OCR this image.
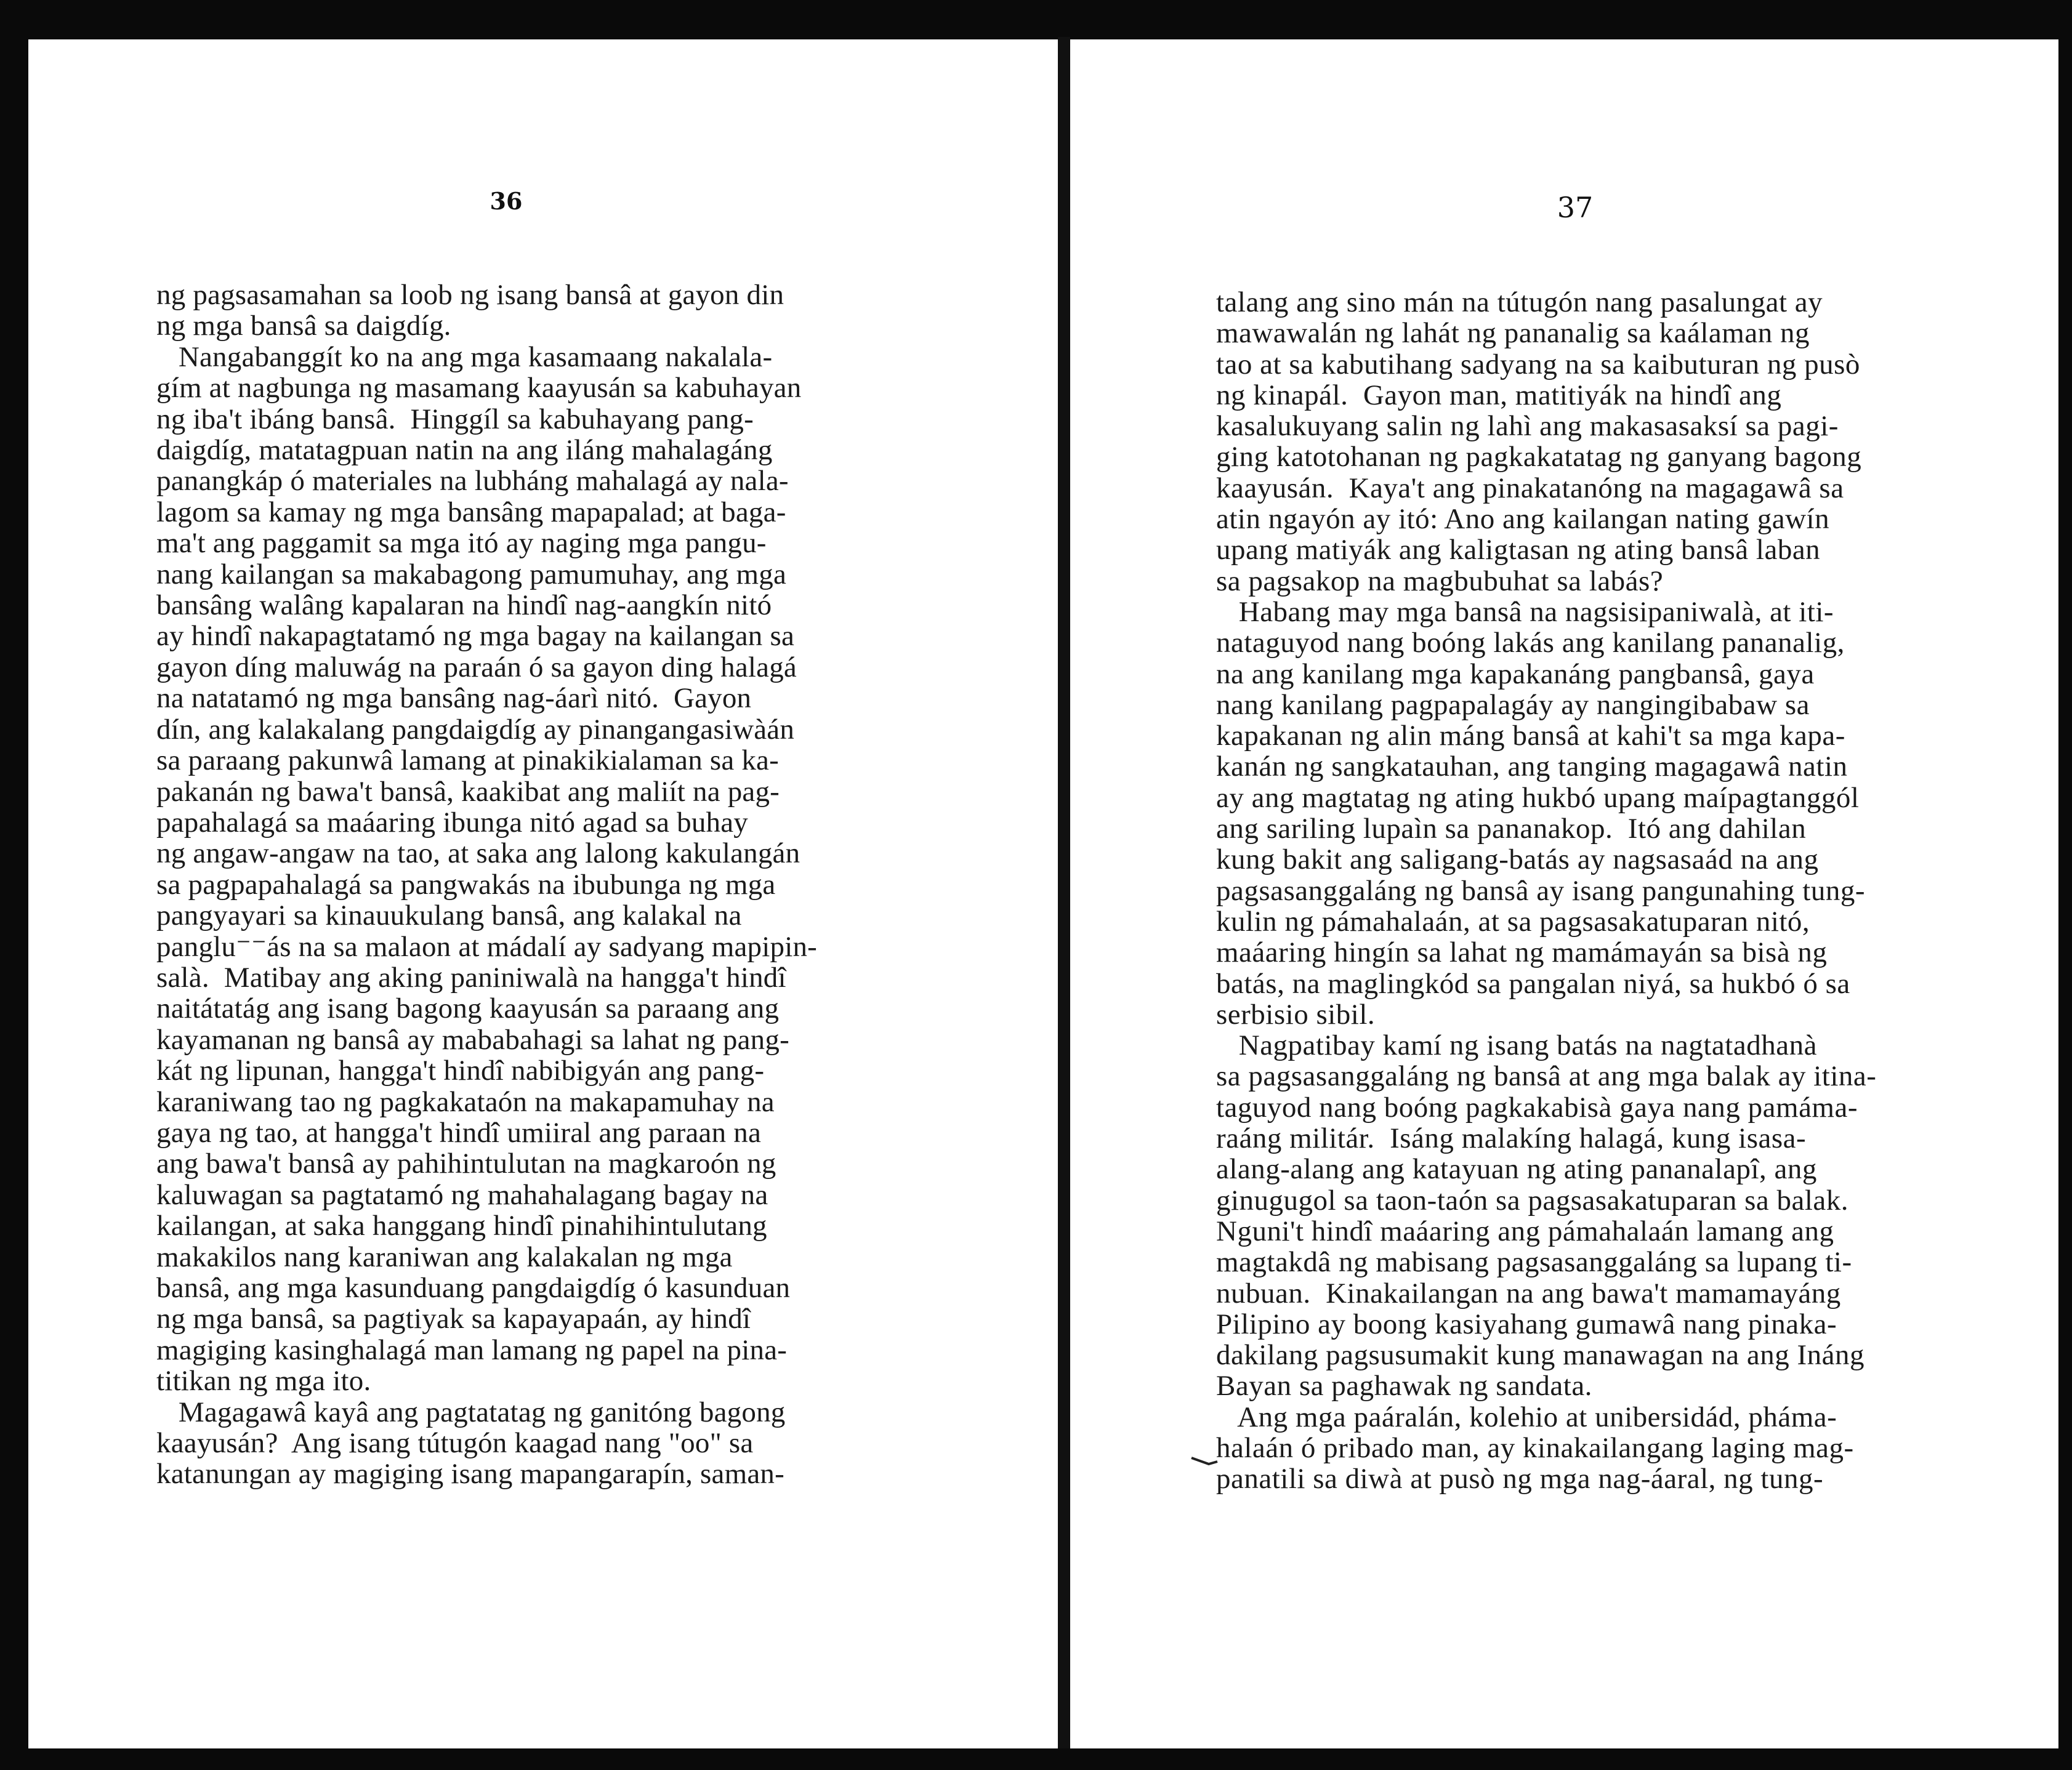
36
ng pagsasamahan sa loob ng isang bansâ at gayon din
ng mga bansâ sa daigdíg.
Nangabanggít ko na ang mga kasamaang nakalala-
gím at nagbunga ng masamang kaayusán sa kabuhayan
ng iba't ibáng bansâ.  Hinggíl sa kabuhayang pang-
daigdíg, matatagpuan natin na ang iláng mahalagáng
panangkáp ó materiales na lubháng mahalagá ay nala-
lagom sa kamay ng mga bansâng mapapalad; at baga-
ma't ang paggamit sa mga itó ay naging mga pangu-
nang kailangan sa makabagong pamumuhay, ang mga
bansâng walâng kapalaran na hindî nag-aangkín nitó
ay hindî nakapagtatamó ng mga bagay na kailangan sa
gayon díng maluwág na paraán ó sa gayon ding halagá
na natatamó ng mga bansâng nag-áarì nitó.  Gayon
dín, ang kalakalang pangdaigdíg ay pinangangasiwàán
sa paraang pakunwâ lamang at pinakikialaman sa ka-
pakanán ng bawa't bansâ, kaakibat ang maliít na pag-
papahalagá sa maáaring ibunga nitó agad sa buhay
ng angaw-angaw na tao, at saka ang lalong kakulangán
sa pagpapahalagá sa pangwakás na ibubunga ng mga
pangyayari sa kinauukulang bansâ, ang kalakal na
panglu⁻⁻ás na sa malaon at mádalí ay sadyang mapipin-
salà.  Matibay ang aking paniniwalà na hangga't hindî
naitátatág ang isang bagong kaayusán sa paraang ang
kayamanan ng bansâ ay mababahagi sa lahat ng pang-
kát ng lipunan, hangga't hindî nabibigyán ang pang-
karaniwang tao ng pagkakataón na makapamuhay na
gaya ng tao, at hangga't hindî umiiral ang paraan na
ang bawa't bansâ ay pahihintulutan na magkaroón ng
kaluwagan sa pagtatamó ng mahahalagang bagay na
kailangan, at saka hanggang hindî pinahihintulutang
makakilos nang karaniwan ang kalakalan ng mga
bansâ, ang mga kasunduang pangdaigdíg ó kasunduan
ng mga bansâ, sa pagtiyak sa kapayapaán, ay hindî
magiging kasinghalagá man lamang ng papel na pina-
titikan ng mga ito.
Magagawâ kayâ ang pagtatatag ng ganitóng bagong
kaayusán?  Ang isang tútugón kaagad nang "oo" sa
katanungan ay magiging isang mapangarapín, saman-
37
talang ang sino mán na tútugón nang pasalungat ay
mawawalán ng lahát ng pananalig sa kaálaman ng
tao at sa kabutihang sadyang na sa kaibuturan ng pusò
ng kinapál.  Gayon man, matitiyák na hindî ang
kasalukuyang salin ng lahì ang makasasaksí sa pagi-
ging katotohanan ng pagkakatatag ng ganyang bagong
kaayusán.  Kaya't ang pinakatanóng na magagawâ sa
atin ngayón ay itó: Ano ang kailangan nating gawín
upang matiyák ang kaligtasan ng ating bansâ laban
sa pagsakop na magbubuhat sa labás?
Habang may mga bansâ na nagsisipaniwalà, at iti-
nataguyod nang boóng lakás ang kanilang pananalig,
na ang kanilang mga kapakanáng pangbansâ, gaya
nang kanilang pagpapalagáy ay nangingibabaw sa
kapakanan ng alin máng bansâ at kahi't sa mga kapa-
kanán ng sangkatauhan, ang tanging magagawâ natin
ay ang magtatag ng ating hukbó upang maípagtanggól
ang sariling lupaìn sa pananakop.  Itó ang dahilan
kung bakit ang saligang-batás ay nagsasaád na ang
pagsasanggaláng ng bansâ ay isang pangunahing tung-
kulin ng pámahalaán, at sa pagsasakatuparan nitó,
maáaring hingín sa lahat ng mamámayán sa bisà ng
batás, na maglingkód sa pangalan niyá, sa hukbó ó sa
serbisio sibil.
Nagpatibay kamí ng isang batás na nagtatadhanà
sa pagsasanggaláng ng bansâ at ang mga balak ay itina-
taguyod nang boóng pagkakabisà gaya nang pamáma-
raáng militár.  Isáng malakíng halagá, kung isasa-
alang-alang ang katayuan ng ating pananalapî, ang
ginugugol sa taon-taón sa pagsasakatuparan sa balak.
Nguni't hindî maáaring ang pámahalaán lamang ang
magtakdâ ng mabisang pagsasanggaláng sa lupang ti-
nubuan.  Kinakailangan na ang bawa't mamamayáng
Pilipino ay boong kasiyahang gumawâ nang pinaka-
dakilang pagsusumakit kung manawagan na ang Ináng
Bayan sa paghawak ng sandata.
Ang mga paáralán, kolehio at unibersidád, pháma-
halaán ó pribado man, ay kinakailangang laging mag-
panatili sa diwà at pusò ng mga nag-áaral, ng tung-
